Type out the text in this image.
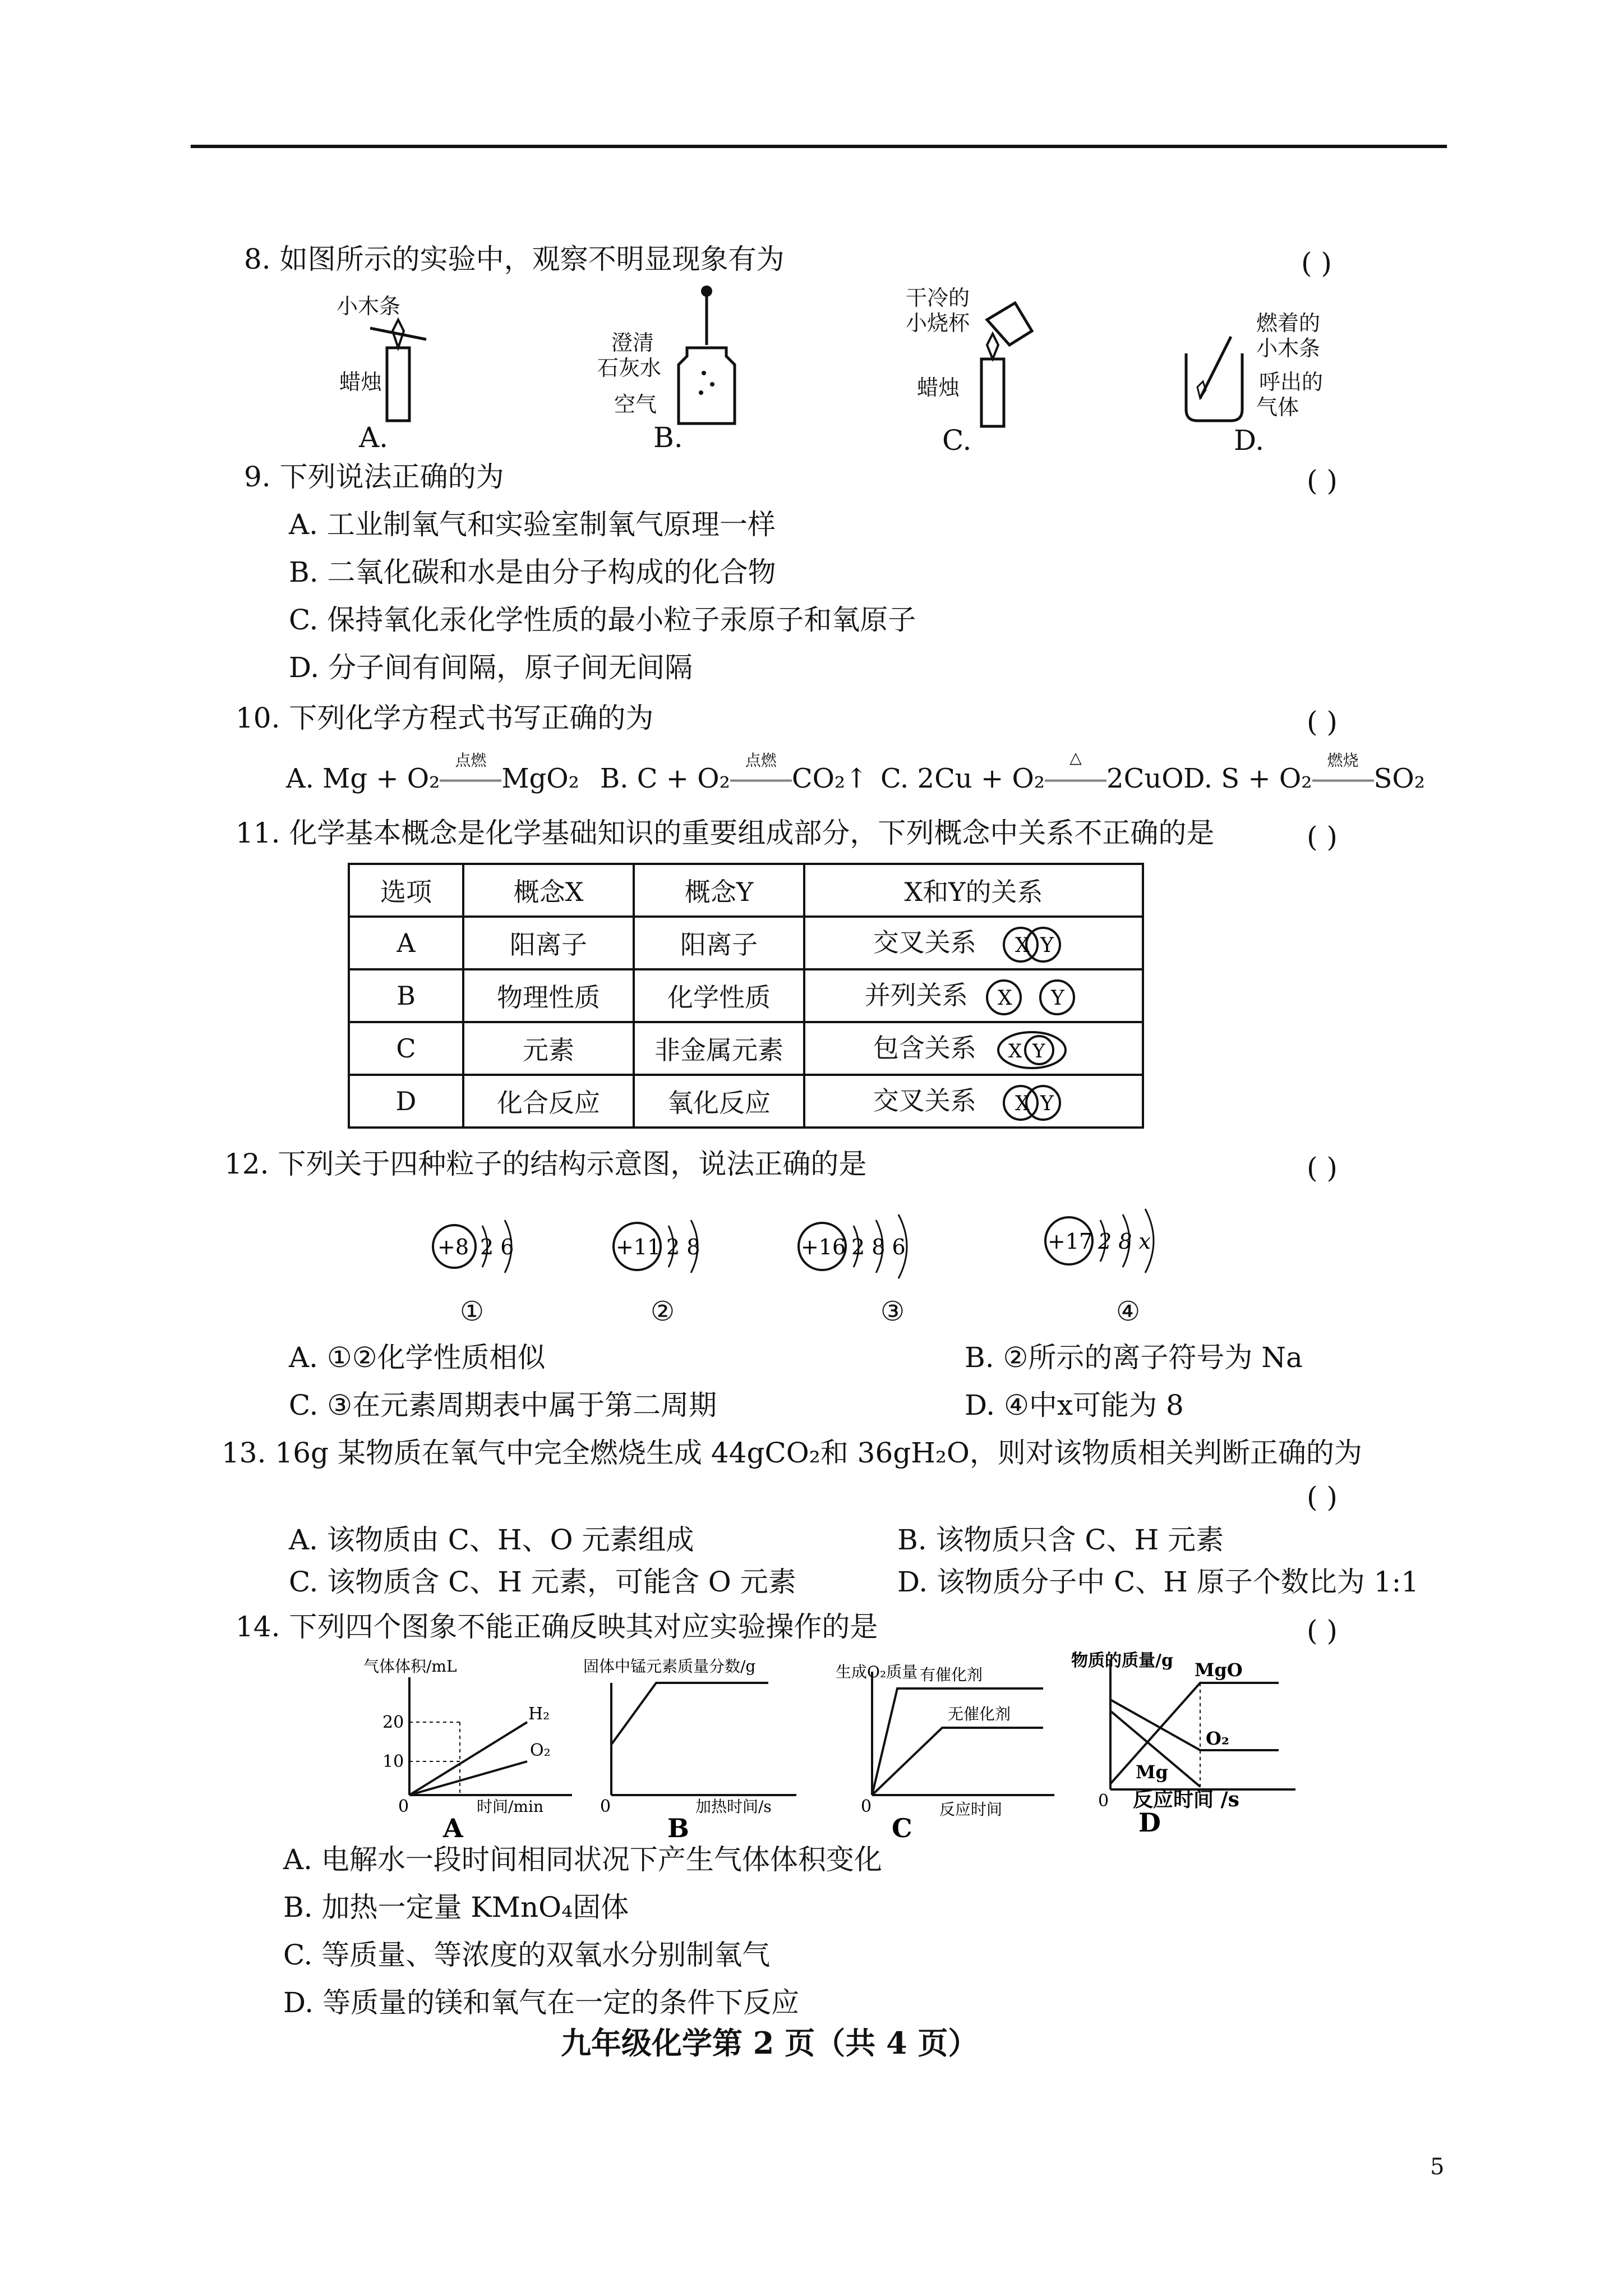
8. 如图所示的实验中，观察不明显现象有为	( )
小木条
蜡烛
A.
澄清
石灰水
空气
B.
干冷的
小烧杯
蜡烛
C.
燃着的
小木条
呼出的
气体
D.
9. 下列说法正确的为	( )
A. 工业制氧气和实验室制氧气原理一样
B. 二氧化碳和水是由分子构成的化合物
C. 保持氧化汞化学性质的最小粒子汞原子和氧原子
D. 分子间有间隔，原子间无间隔
10. 下列化学方程式书写正确的为	( )
A. Mg + O₂
点燃
MgO₂ B. C + O₂
点燃
CO₂↑ C. 2Cu + O₂
△
2CuO D. S + O₂
燃烧
SO₂
11. 化学基本概念是化学基础知识的重要组成部分，下列概念中关系不正确的是	( )
选项	概念X	概念Y	X和Y的关系
A	阳离子	阳离子	交叉关系 X Y

B	物理性质	化学性质	并列关系 X Y

C	元素	非金属元素	包含关系 X Y

D	化合反应	氧化反应	交叉关系 X Y
12. 下列关于四种粒子的结构示意图，说法正确的是	( )
+8 2 6
①
+11 2 8
②
+16 2 8 6
③
+17 2 8 x
④
A. ①②化学性质相似	B. ②所示的离子符号为 Na
C. ③在元素周期表中属于第二周期	D. ④中x可能为 8
13. 16g 某物质在氧气中完全燃烧生成 44gCO₂和 36gH₂O，则对该物质相关判断正确的为
( )
A. 该物质由 C、H、O 元素组成	B. 该物质只含 C、H 元素
C. 该物质含 C、H 元素，可能含 O 元素	D. 该物质分子中 C、H 原子个数比为 1:1
14. 下列四个图象不能正确反映其对应实验操作的是	( )
气体体积/mL
20
10
H₂
O₂
0	时间/min
A
固体中锰元素质量分数/g
0	加热时间/s
B
生成O₂质量 有催化剂
无催化剂
0	反应时间
C
物质的质量/g MgO
O₂
Mg
0 反应时间 /s
D
A. 电解水一段时间相同状况下产生气体体积变化
B. 加热一定量 KMnO₄固体
C. 等质量、等浓度的双氧水分别制氧气
D. 等质量的镁和氧气在一定的条件下反应
九年级化学第 2 页（共 4 页）
5
